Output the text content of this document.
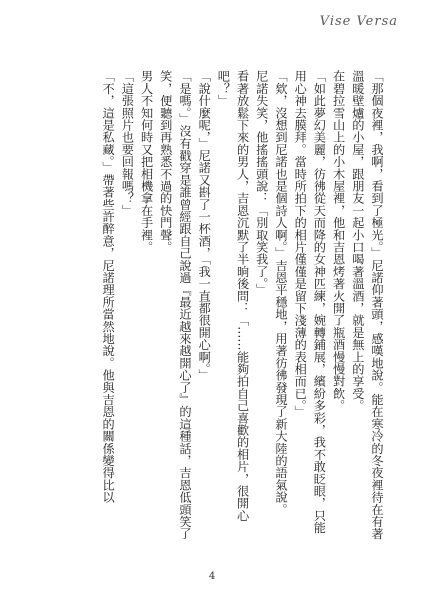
Vise Versa

「那個夜裡，我啊，看到了極光。」尼諾仰著頭，感嘆地說。能在寒冷的冬夜裡待在有著溫暖壁爐的小屋，跟朋友一起小口喝著溫酒，就是無上的享受。

在碧拉雪山上的小木屋裡，他和吉恩烤著火開了瓶酒慢慢對飲。

「如此夢幻美麗，彷彿從天而降的女神匹練，婉轉鋪展，繽紛多彩，我不敢眨眼，只能用心神去膜拜。當時所拍下的相片僅僅是留下淺薄的表相而已。」

「欸，沒想到尼諾也是個詩人啊。」吉恩平穩地，用著彷彿發現了新大陸的語氣說。

尼諾失笑，他搖搖頭說：「別取笑我了。」

看著放鬆下來的男人，吉恩沉默了半晌後問：「……能夠拍自己喜歡的相片，很開心吧？」

「說什麼呢，」尼諾又斟了一杯酒，「我一直都很開心啊。」

「是嗎。」沒有戳穿是誰曾經跟自己說過『最近越來越開心了』的這種話，吉恩低頭笑了笑，便聽到再熟悉不過的快門聲。

男人不知何時又把相機拿在手裡。

「這張照片也要回報嗎？」

「不，這是私藏。」帶著些許醉意，尼諾理所當然地說。他與吉恩的關係變得比以

4
